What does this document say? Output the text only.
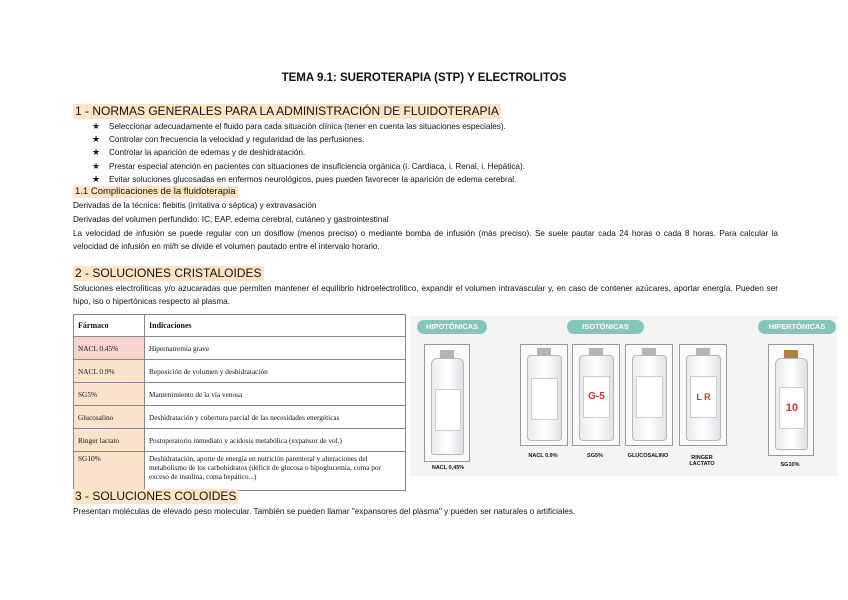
TEMA 9.1: SUEROTERAPIA (STP) Y ELECTROLITOS
1 - NORMAS GENERALES PARA LA ADMINISTRACIÓN DE FLUIDOTERAPIA
★ Seleccionar adecuadamente el fluido para cada situación clínica (tener en cuenta las situaciones especiales).
★ Controlar con frecuencia la velocidad y regularidad de las perfusiones.
★ Controlar la aparición de edemas y de deshidratación.
★ Prestar especial atención en pacientes con situaciones de insuficiencia orgánica (i. Cardiaca, i. Renal, i. Hepática).
★ Evitar soluciones glucosadas en enfermos neurológicos, pues pueden favorecer la aparición de edema cerebral.
1.1 Complicaciones de la fluidoterapia
Derivadas de la técnica: flebitis (irritativa o séptica) y extravasación
Derivadas del volumen perfundido: IC, EAP, edema cerebral, cutáneo y gastrointestinal
La velocidad de infusión se puede regular con un dosiflow (menos preciso) o mediante bomba de infusión (más preciso). Se suele pautar cada 24 horas o cada 8 horas. Para calcular la velocidad de infusión en ml/h se divide el volumen pautado entre el intervalo horario.
2 - SOLUCIONES CRISTALOIDES
Soluciones electrolíticas y/o azucaradas que permiten mantener el equilibrio hidroelectrolítico, expandir el volumen intravascular y, en caso de contener azúcares, aportar energía. Pueden ser hipo, iso o hipertónicas respecto al plasma.
Fármaco	Indicaciones
NACL 0.45%	Hipernatremia grave
NACL 0.9%	Reposición de volumen y deshidratación
SG5%	Mantenimiento de la vía venosa
Glucosalino	Deshidratación y cobertura parcial de las necesidades energéticas
Ringer lactato	Postoperatorio inmediato y acidosis metabólica (expansor de vol.)
SG10%	Deshidratación, aporte de energía en nutrición parenteral y alteraciones del metabolismo de los carbohidratos (déficit de glucosa o hipoglucemia, coma por exceso de insulina, coma hepático...)
HIPOTÓNICAS	ISOTÓNICAS	HIPERTÓNICAS
NACL 0,45%
NACL 0.9%
G-5
SG5%	GLUCOSALINO
L R
RINGER LACTATO
10
SG10%
3 - SOLUCIONES COLOIDES
Presentan moléculas de elevado peso molecular. También se pueden llamar "expansores del plasma" y pueden ser naturales o artificiales.
